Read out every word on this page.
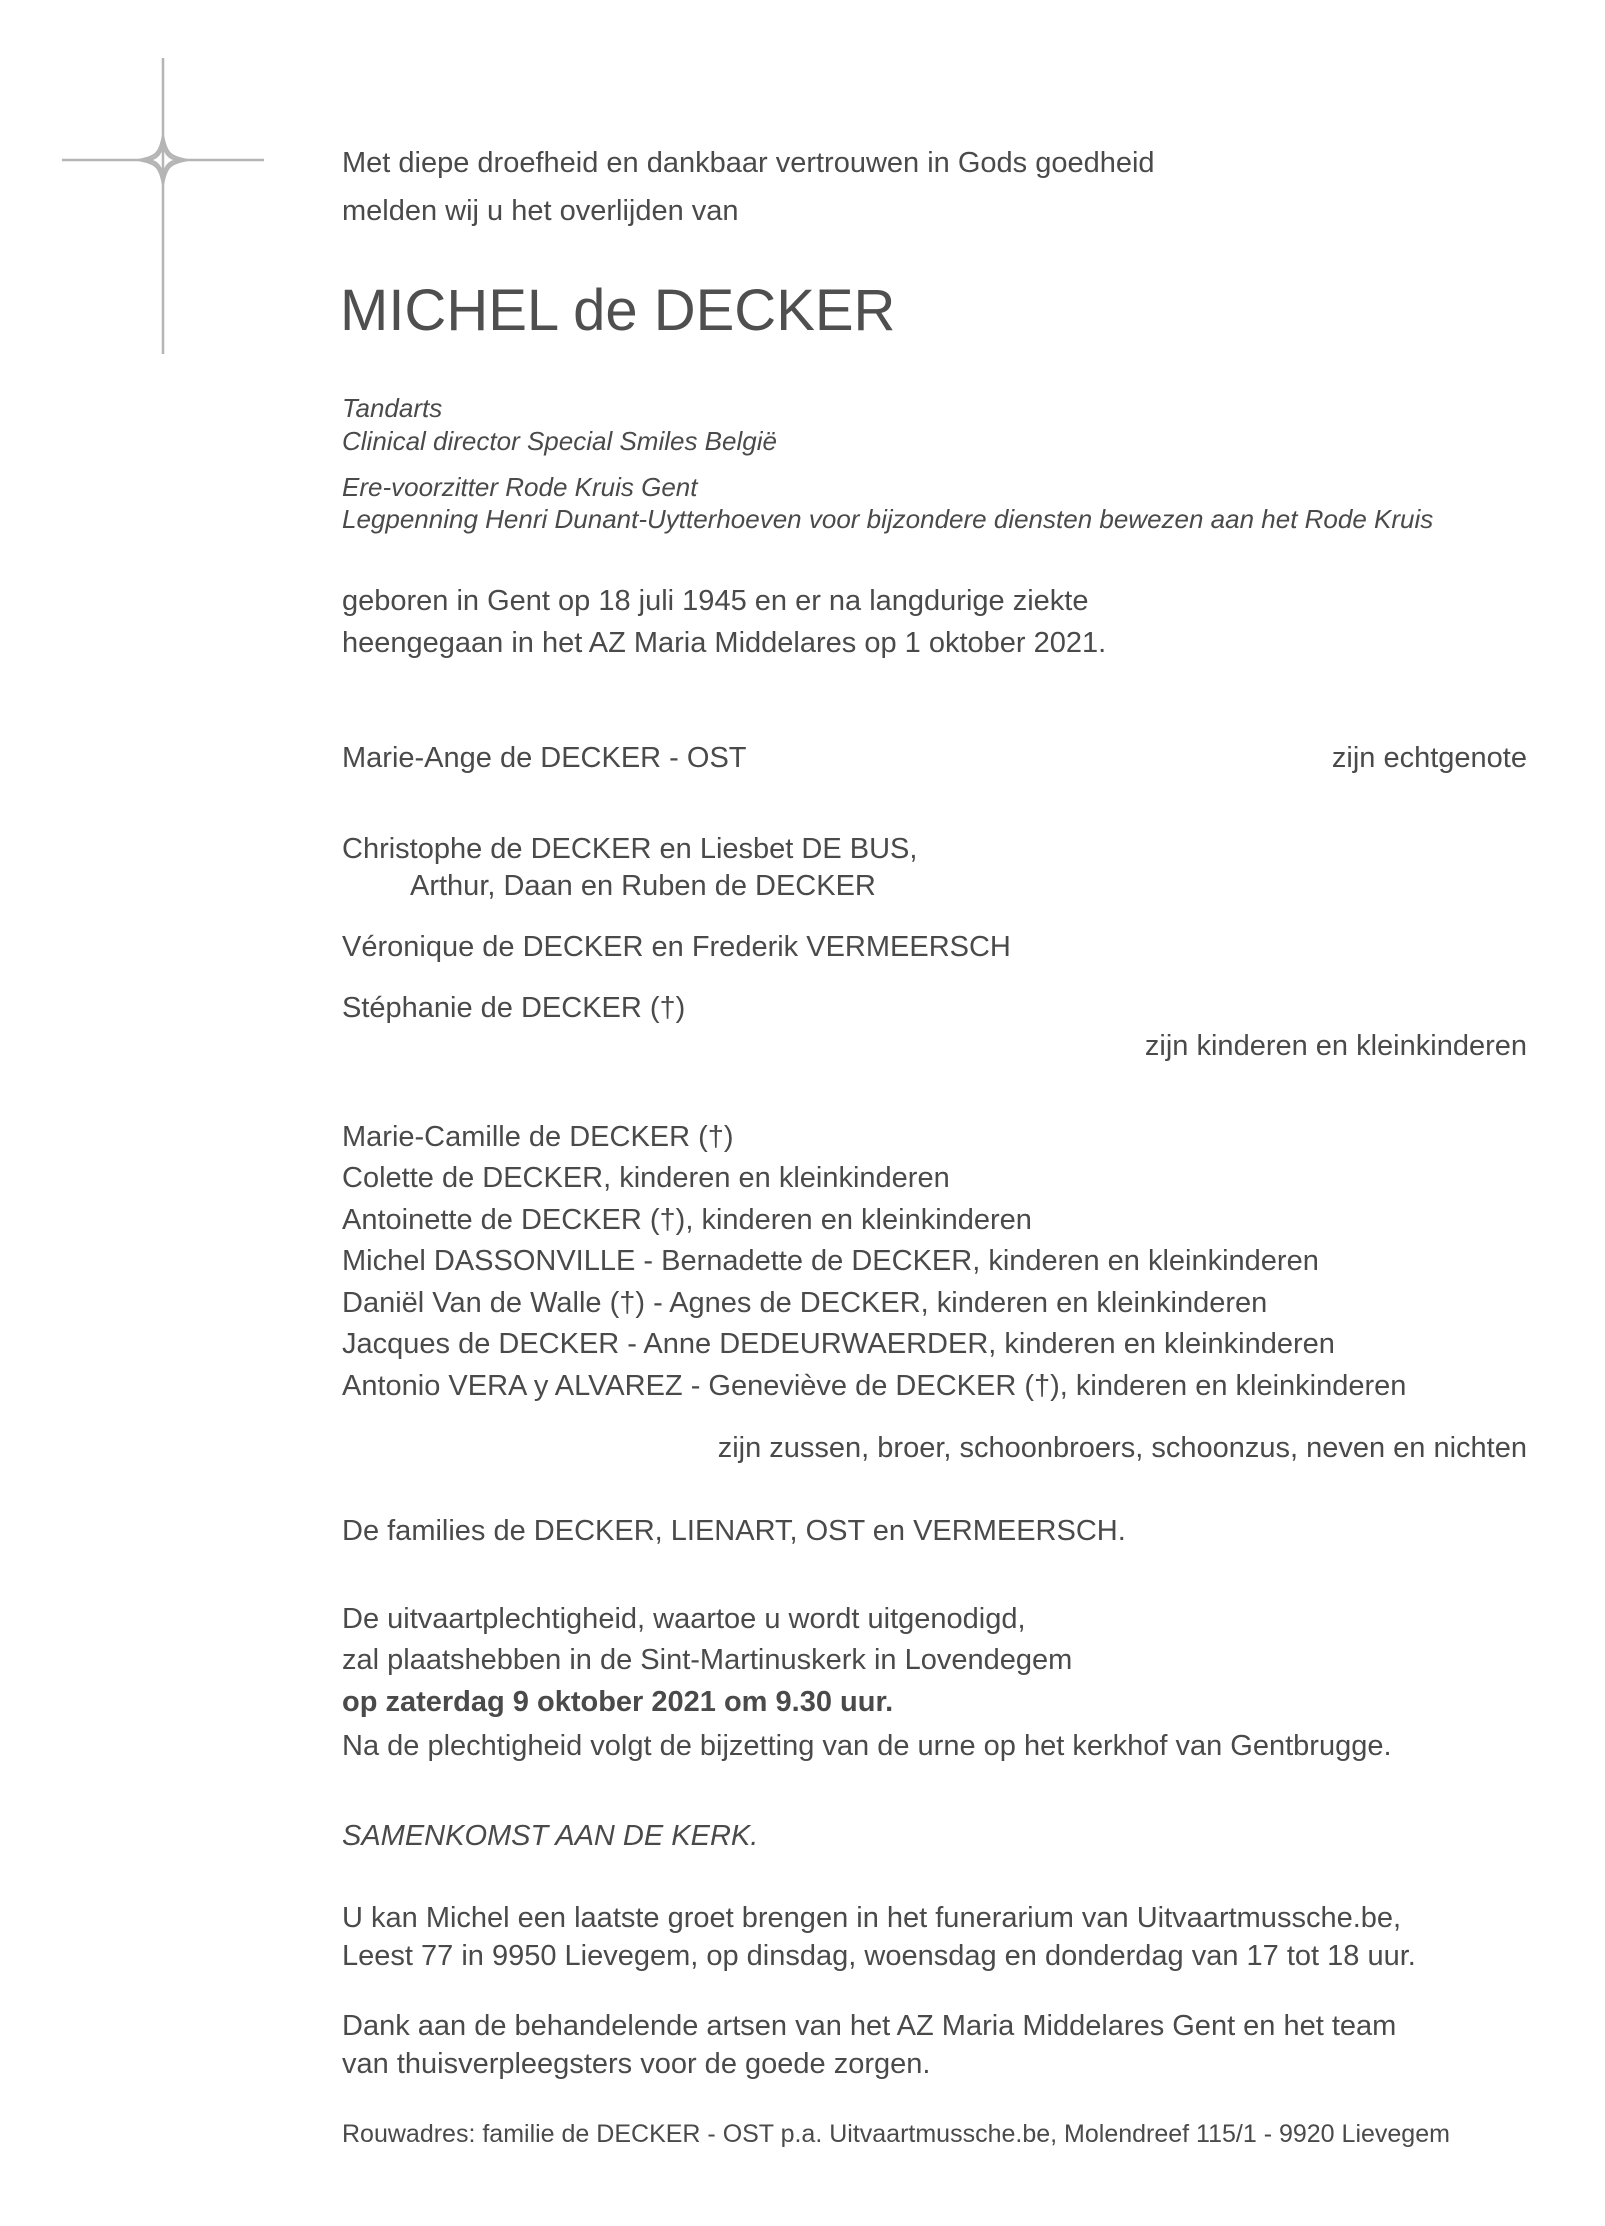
Met diepe droefheid en dankbaar vertrouwen in Gods goedheid
melden wij u het overlijden van
MICHEL de DECKER
Tandarts
Clinical director Special Smiles België
Ere-voorzitter Rode Kruis Gent
Legpenning Henri Dunant-Uytterhoeven voor bijzondere diensten bewezen aan het Rode Kruis
geboren in Gent op 18 juli 1945 en er na langdurige ziekte
heengegaan in het AZ Maria Middelares op 1 oktober 2021.
Marie-Ange de DECKER - OST	zijn echtgenote
Christophe de DECKER en Liesbet DE BUS,
Arthur, Daan en Ruben de DECKER
Véronique de DECKER en Frederik VERMEERSCH
Stéphanie de DECKER (†)
zijn kinderen en kleinkinderen
Marie-Camille de DECKER (†)
Colette de DECKER, kinderen en kleinkinderen
Antoinette de DECKER (†), kinderen en kleinkinderen
Michel DASSONVILLE - Bernadette de DECKER, kinderen en kleinkinderen
Daniël Van de Walle (†) - Agnes de DECKER, kinderen en kleinkinderen
Jacques de DECKER - Anne DEDEURWAERDER, kinderen en kleinkinderen
Antonio VERA y ALVAREZ - Geneviève de DECKER (†), kinderen en kleinkinderen
zijn zussen, broer, schoonbroers, schoonzus, neven en nichten
De families de DECKER, LIENART, OST en VERMEERSCH.
De uitvaartplechtigheid, waartoe u wordt uitgenodigd,
zal plaatshebben in de Sint-Martinuskerk in Lovendegem
op zaterdag 9 oktober 2021 om 9.30 uur.
Na de plechtigheid volgt de bijzetting van de urne op het kerkhof van Gentbrugge.
SAMENKOMST AAN DE KERK.
U kan Michel een laatste groet brengen in het funerarium van Uitvaartmussche.be,
Leest 77 in 9950 Lievegem, op dinsdag, woensdag en donderdag van 17 tot 18 uur.
Dank aan de behandelende artsen van het AZ Maria Middelares Gent en het team
van thuisverpleegsters voor de goede zorgen.
Rouwadres: familie de DECKER - OST p.a. Uitvaartmussche.be, Molendreef 115/1 - 9920 Lievegem
